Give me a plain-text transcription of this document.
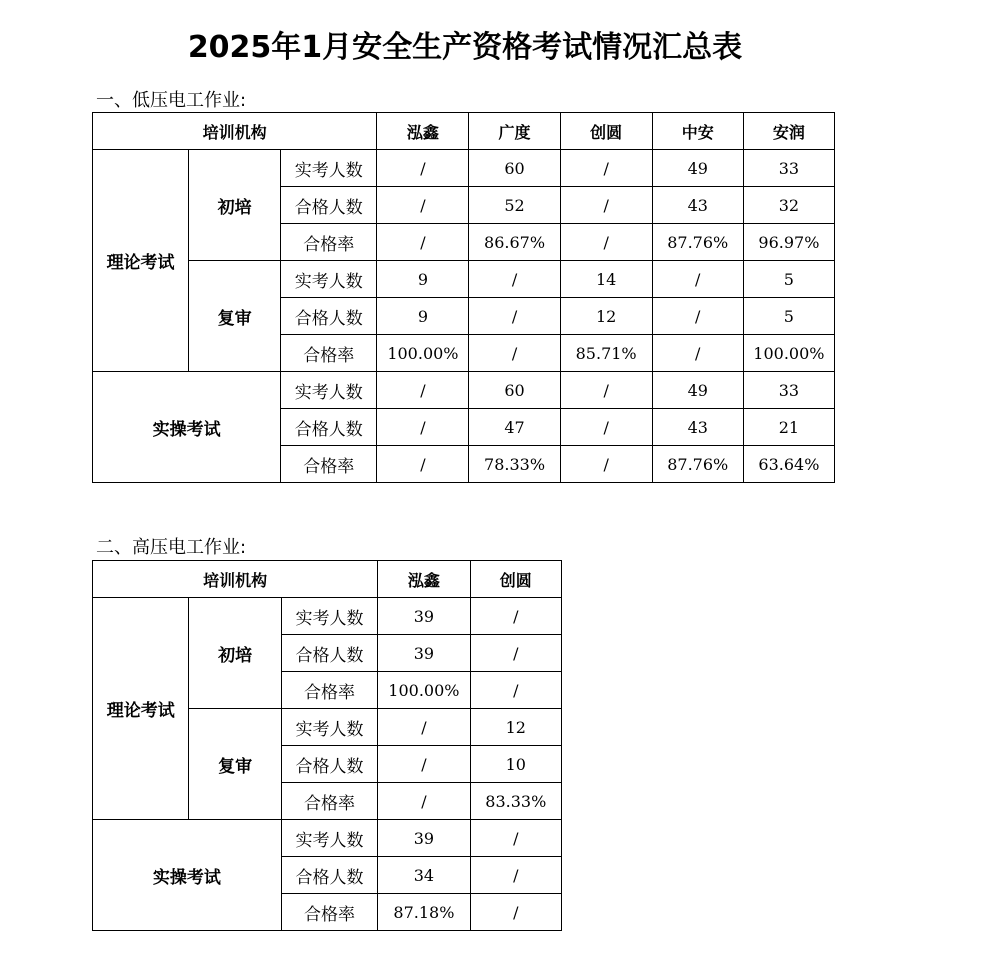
2025年1月安全生产资格考试情况汇总表
一、低压电工作业:
培训机构			泓鑫	广度	创圆	中安	安润
理论考试	初培	实考人数	/	60	/	49	33
		合格人数	/	52	/	43	32
		合格率	/	86.67%	/	87.76%	96.97%
	复审	实考人数	9	/	14	/	5
		合格人数	9	/	12	/	5
		合格率	100.00%	/	85.71%	/	100.00%
实操考试		实考人数	/	60	/	49	33
		合格人数	/	47	/	43	21
		合格率	/	78.33%	/	87.76%	63.64%
二、高压电工作业:
培训机构			泓鑫	创圆
理论考试	初培	实考人数	39	/
		合格人数	39	/
		合格率	100.00%	/
	复审	实考人数	/	12
		合格人数	/	10
		合格率	/	83.33%
实操考试		实考人数	39	/
		合格人数	34	/
		合格率	87.18%	/
